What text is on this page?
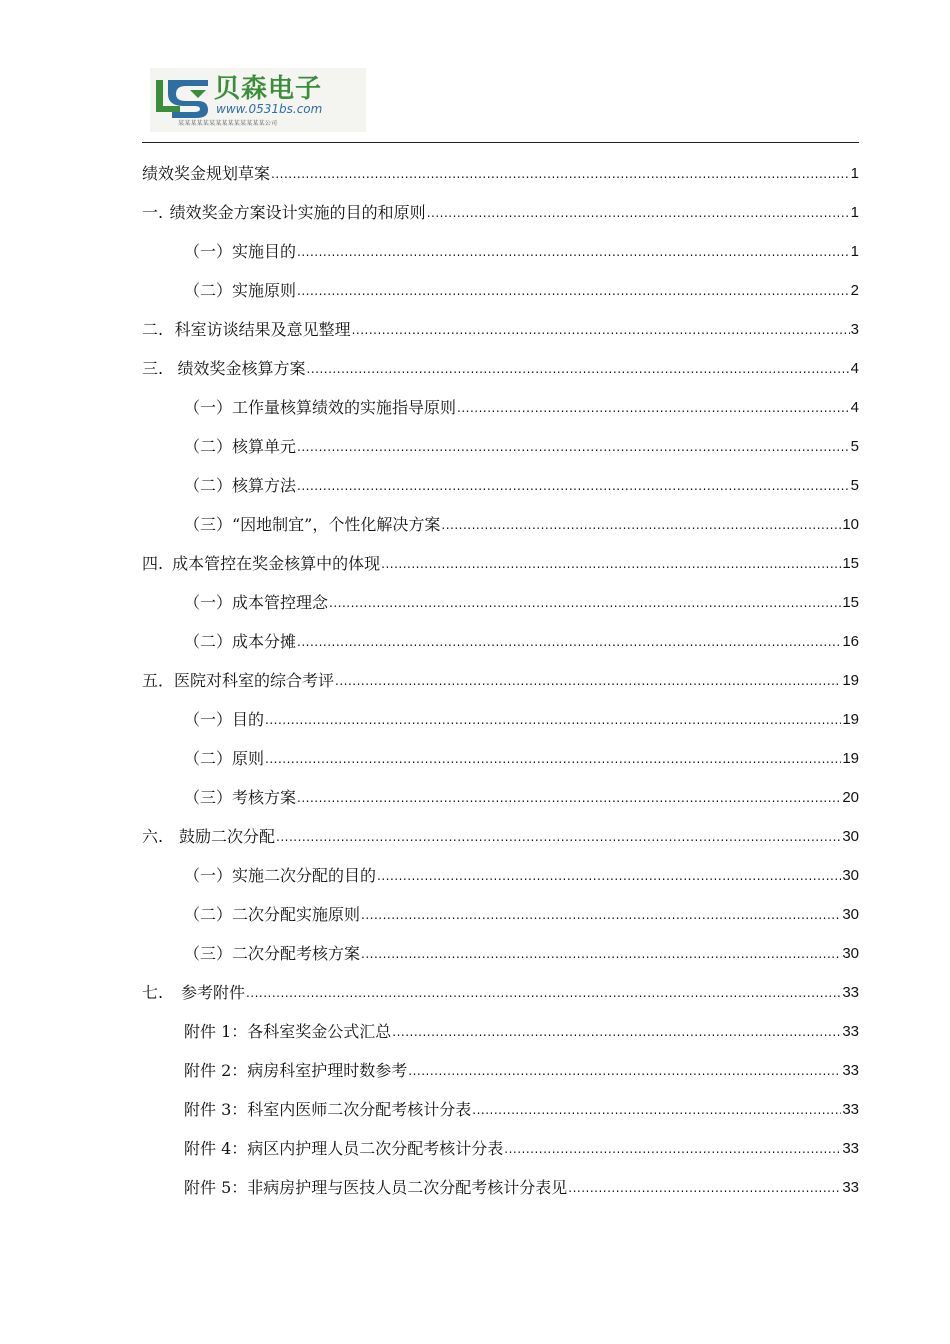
贝森电子
www.0531bs.com
某某某某某某某某某某某某某某公司
绩效奖金规划草案 .....	1
一. 绩效奖金方案设计实施的目的和原则 .....	1
（一） 实施目的 .....	1
（二） 实施原则 .....	2
二. 科室访谈结果及意见整理 .....	3
三. 绩效奖金核算方案 .....	4
（一） 工作量核算绩效的实施指导原则 .....	4
（二）核算单元 .....	5
（二）核算方法 .....	5
（三）“因地制宜”，个性化解决方案 .....	10
四. 成本管控在奖金核算中的体现 .....	15
（一） 成本管控理念 .....	15
（二）成本分摊 .....	16
五．医院对科室的综合考评 .....	19
（一） 目的 .....	19
（二） 原则 .....	19
（三） 考核方案 .....	20
六. 鼓励二次分配 .....	30
（一） 实施二次分配的目的 .....	30
（二） 二次分配实施原则 .....	30
（三） 二次分配考核方案 .....	30
七.	参考附件 .....	33
附件 1：各科室奖金公式汇总 .....	33
附件 2：病房科室护理时数参考 .....	33
附件 3：科室内医师二次分配考核计分表 .....	33
附件 4：病区内护理人员二次分配考核计分表 .....	33
附件 5：非病房护理与医技人员二次分配考核计分表见 .....	33
